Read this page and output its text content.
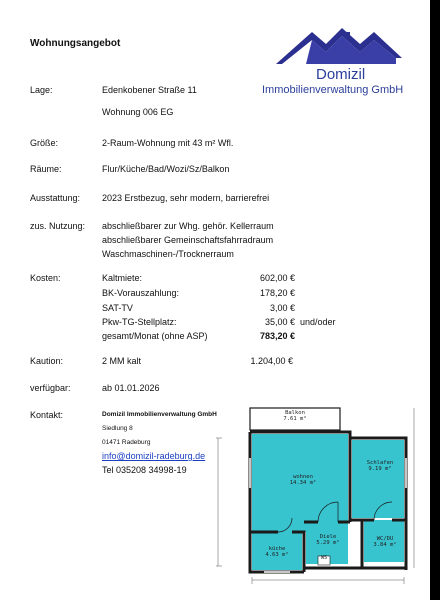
Wohnungsangebot
Domizil
Immobilienverwaltung GmbH
Lage:	Edenkobener Straße 11
Wohnung 006 EG
Größe:	2-Raum-Wohnung mit 43 m² Wfl.
Räume:	Flur/Küche/Bad/Wozi/Sz/Balkon
Ausstattung: 2023 Erstbezug, sehr modern, barrierefrei
zus. Nutzung: abschließbarer zur Whg. gehör. Kellerraum
abschließbarer Gemeinschaftsfahrradraum
Waschmaschinen-/Trocknerraum
Kosten:	Kaltmiete:	602,00 €
BK-Vorauszahlung:	178,20 €
SAT-TV	3,00 €
Pkw-TG-Stellplatz:	35,00 € und/oder
gesamt/Monat (ohne ASP)	783,20 €
Kaution:	2 MM kalt	1.204,00 €
verfügbar:	ab 01.01.2026
Kontakt:	Domizil Immobilienverwaltung GmbH
Siedlung 8
01471 Radeburg
info@domizil-radeburg.de
Tel 035208 34998-19
Balkon
7.61 m²
wohnen
14.34 m²
Schlafen
9.19 m²
Diele
5.29 m²
WC/DU
3.84 m²
küche
4.63 m²	WS
